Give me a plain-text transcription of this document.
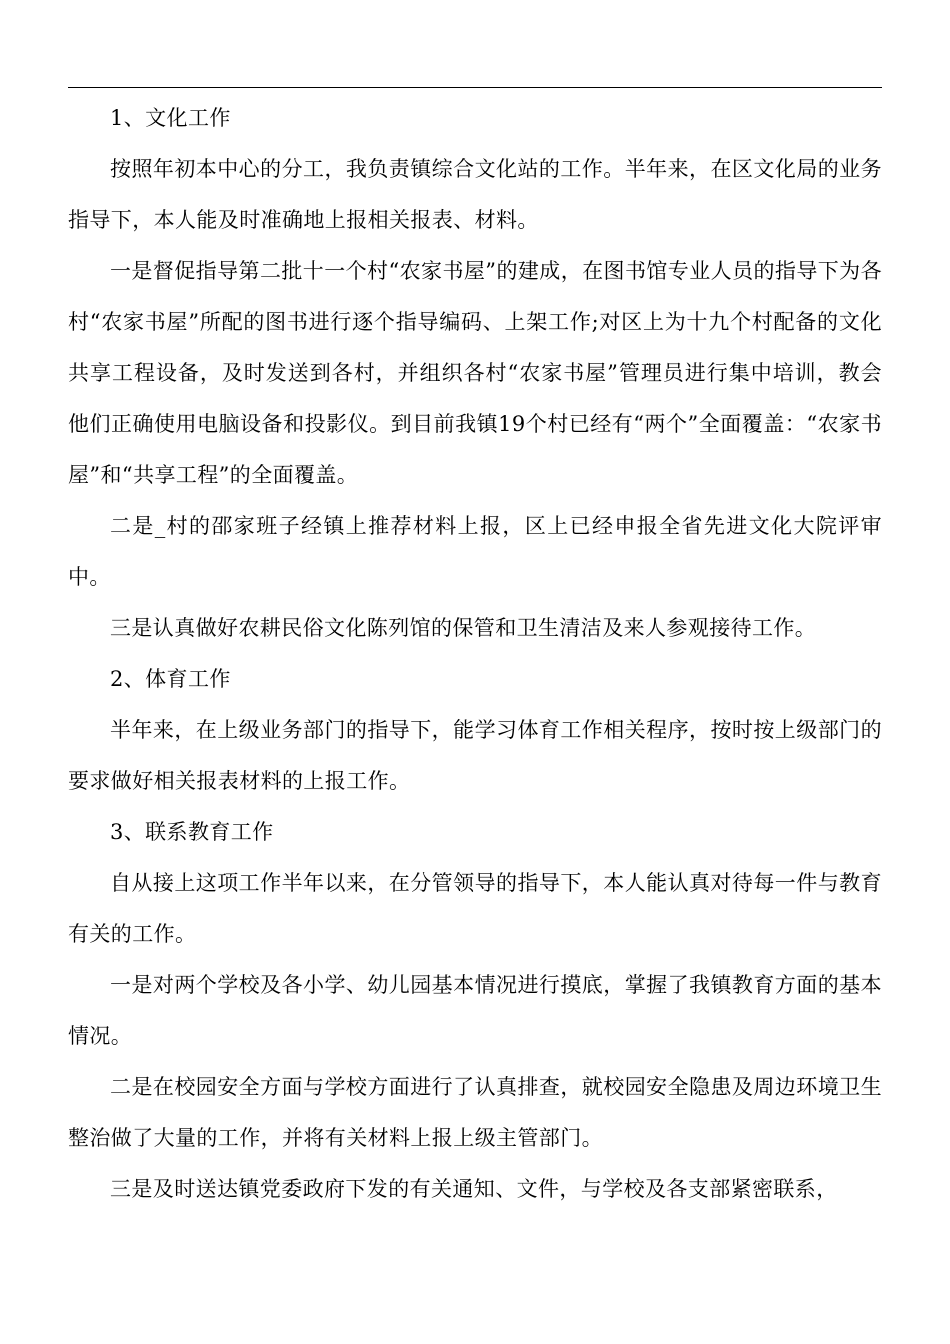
1、文化工作

按照年初本中心的分工，我负责镇综合文化站的工作。半年来，在区文化局的业务指导下，本人能及时准确地上报相关报表、材料。

一是督促指导第二批十一个村“农家书屋”的建成，在图书馆专业人员的指导下为各村“农家书屋”所配的图书进行逐个指导编码、上架工作;对区上为十九个村配备的文化共享工程设备，及时发送到各村，并组织各村“农家书屋”管理员进行集中培训，教会他们正确使用电脑设备和投影仪。到目前我镇19个村已经有“两个”全面覆盖：“农家书屋”和“共享工程”的全面覆盖。

二是_村的邵家班子经镇上推荐材料上报，区上已经申报全省先进文化大院评审中。

三是认真做好农耕民俗文化陈列馆的保管和卫生清洁及来人参观接待工作。

2、体育工作

半年来，在上级业务部门的指导下，能学习体育工作相关程序，按时按上级部门的要求做好相关报表材料的上报工作。

3、联系教育工作

自从接上这项工作半年以来，在分管领导的指导下，本人能认真对待每一件与教育有关的工作。

一是对两个学校及各小学、幼儿园基本情况进行摸底，掌握了我镇教育方面的基本情况。

二是在校园安全方面与学校方面进行了认真排查，就校园安全隐患及周边环境卫生整治做了大量的工作，并将有关材料上报上级主管部门。

三是及时送达镇党委政府下发的有关通知、文件，与学校及各支部紧密联系，
